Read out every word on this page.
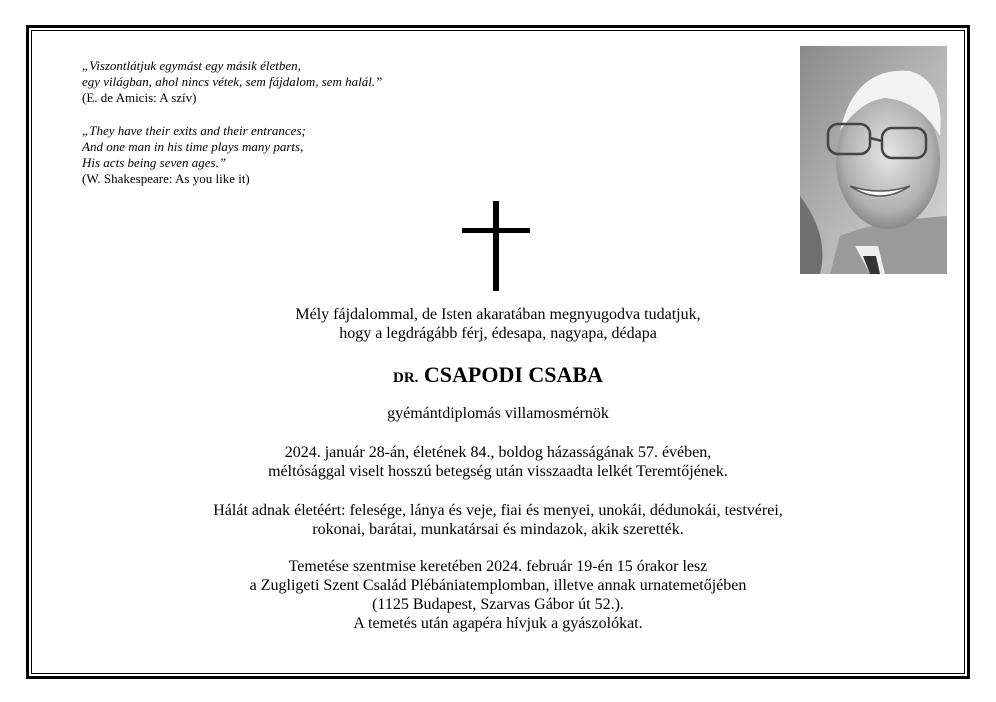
„Viszontlátjuk egymást egy másik életben,
egy világban, ahol nincs vétek, sem fájdalom, sem halál.”
(E. de Amicis: A szív)
„They have their exits and their entrances;
And one man in his time plays many parts,
His acts being seven ages.”
(W. Shakespeare: As you like it)
Mély fájdalommal, de Isten akaratában megnyugodva tudatjuk,
hogy a legdrágább férj, édesapa, nagyapa, dédapa
DR. CSAPODI CSABA
gyémántdiplomás villamosmérnök
2024. január 28-án, életének 84., boldog házasságának 57. évében,
méltósággal viselt hosszú betegség után visszaadta lelkét Teremtőjének.
Hálát adnak életéért: felesége, lánya és veje, fiai és menyei, unokái, dédunokái, testvérei,
rokonai, barátai, munkatársai és mindazok, akik szerették.
Temetése szentmise keretében 2024. február 19-én 15 órakor lesz
a Zugligeti Szent Család Plébániatemplomban, illetve annak urnatemetőjében
(1125 Budapest, Szarvas Gábor út 52.).
A temetés után agapéra hívjuk a gyászolókat.
